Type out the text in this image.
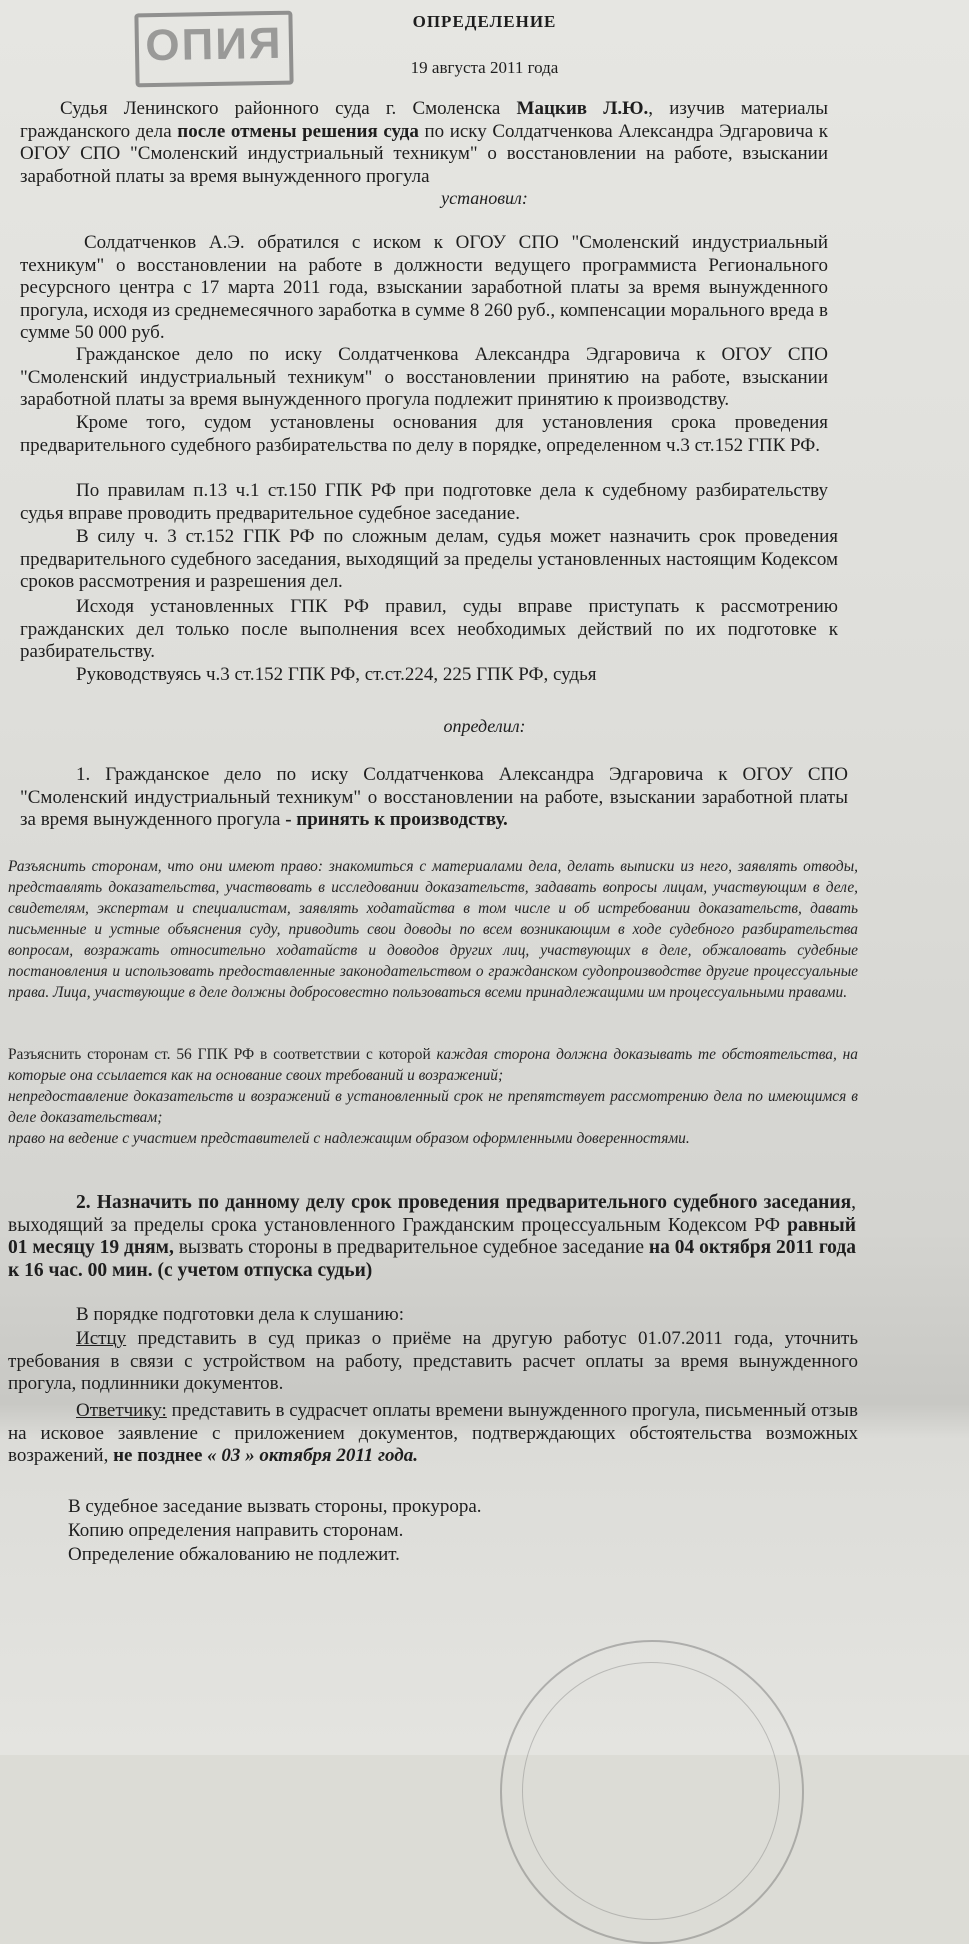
ОПИЯ	ОПРЕДЕЛЕНИЕ
19 августа 2011 года
Судья Ленинского районного суда г. Смоленска Мацкив Л.Ю., изучив материалы гражданского дела после отмены решения суда по иску Солдатченкова Александра Эдгаровича к ОГОУ СПО "Смоленский индустриальный техникум" о восстановлении на работе, взыскании заработной платы за время вынужденного прогула
установил:
Солдатченков А.Э. обратился с иском к ОГОУ СПО "Смоленский индустриальный техникум" о восстановлении на работе в должности ведущего программиста Регионального ресурсного центра с 17 марта 2011 года, взыскании заработной платы за время вынужденного прогула, исходя из среднемесячного заработка в сумме 8 260 руб., компенсации морального вреда в сумме 50 000 руб.
Гражданское дело по иску Солдатченкова Александра Эдгаровича к ОГОУ СПО "Смоленский индустриальный техникум" о восстановлении принятию на работе, взыскании заработной платы за время вынужденного прогула подлежит принятию к производству.
Кроме того, судом установлены основания для установления срока проведения предварительного судебного разбирательства по делу в порядке, определенном ч.3 ст.152 ГПК РФ.
По правилам п.13 ч.1 ст.150 ГПК РФ при подготовке дела к судебному разбирательству судья вправе проводить предварительное судебное заседание.
В силу ч. 3 ст.152 ГПК РФ по сложным делам, судья может назначить срок проведения предварительного судебного заседания, выходящий за пределы установленных настоящим Кодексом сроков рассмотрения и разрешения дел.
Исходя установленных ГПК РФ правил, суды вправе приступать к рассмотрению гражданских дел только после выполнения всех необходимых действий по их подготовке к разбирательству.
Руководствуясь ч.3 ст.152 ГПК РФ, ст.ст.224, 225 ГПК РФ, судья
определил:
1. Гражданское дело по иску Солдатченкова Александра Эдгаровича к ОГОУ СПО "Смоленский индустриальный техникум" о восстановлении на работе, взыскании заработной платы за время вынужденного прогула - принять к производству.
Разъяснить сторонам, что они имеют право: знакомиться с материалами дела, делать выписки из него, заявлять отводы, представлять доказательства, участвовать в исследовании доказательств, задавать вопросы лицам, участвующим в деле, свидетелям, экспертам и специалистам, заявлять ходатайства в том числе и об истребовании доказательств, давать письменные и устные объяснения суду, приводить свои доводы по всем возникающим в ходе судебного разбирательства вопросам, возражать относительно ходатайств и доводов других лиц, участвующих в деле, обжаловать судебные постановления и использовать предоставленные законодательством о гражданском судопроизводстве другие процессуальные права. Лица, участвующие в деле должны добросовестно пользоваться всеми принадлежащими им процессуальными правами.
Разъяснить сторонам ст. 56 ГПК РФ в соответствии с которой каждая сторона должна доказывать те обстоятельства, на которые она ссылается как на основание своих требований и возражений;
непредоставление доказательств и возражений в установленный срок не препятствует рассмотрению дела по имеющимся в деле доказательствам;
право на ведение с участием представителей с надлежащим образом оформленными доверенностями.
2. Назначить по данному делу срок проведения предварительного судебного заседания, выходящий за пределы срока установленного Гражданским процессуальным Кодексом РФ равный 01 месяцу 19 дням, вызвать стороны в предварительное судебное заседание на 04 октября 2011 года к 16 час. 00 мин. (с учетом отпуска судьи)
В порядке подготовки дела к слушанию:
Истцу представить в суд приказ о приёме на другую работус 01.07.2011 года, уточнить требования в связи с устройством на работу, представить расчет оплаты за время вынужденного прогула, подлинники документов.
Ответчику: представить в судрасчет оплаты времени вынужденного прогула, письменный отзыв на исковое заявление с приложением документов, подтверждающих обстоятельства возможных возражений, не позднее « 03 » октября 2011 года.
В судебное заседание вызвать стороны, прокурора.
Копию определения направить сторонам.
Определение обжалованию не подлежит.
